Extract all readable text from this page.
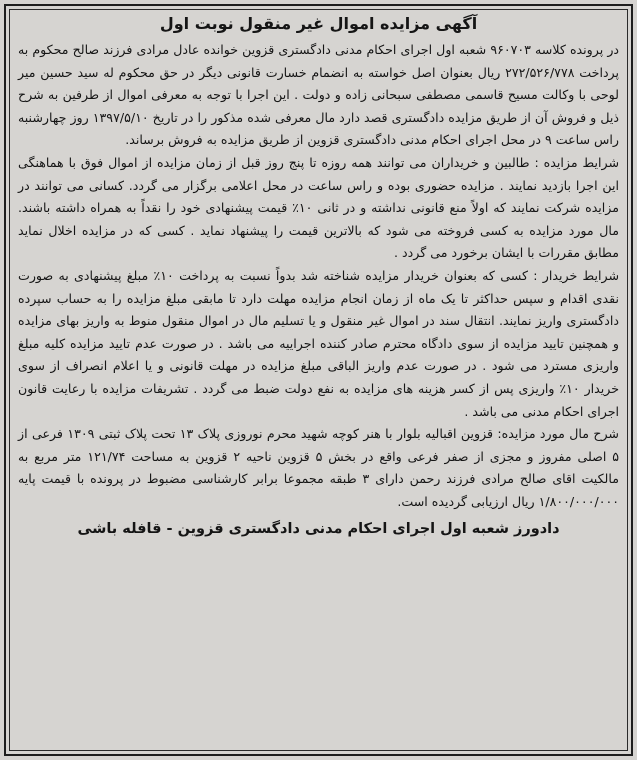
آگهی مزایده اموال غیر منقول نوبت اول

در پرونده کلاسه ۹۶۰۷۰۳ شعبه اول اجرای احکام مدنی دادگستری قزوین خوانده عادل مرادی فرزند صالح محکوم به پرداخت ۲۷۲/۵۲۶/۷۷۸ ریال بعنوان اصل خواسته به انضمام خسارت قانونی دیگر در حق محکوم له سید حسین میر لوحی با وکالت مسیح قاسمی مصطفی سبحانی زاده و دولت . این اجرا با توجه به معرفی اموال از طرفین به شرح ذیل و فروش آن از طریق مزایده دادگستری قصد دارد مال معرفی شده مذکور را در تاریخ ۱۳۹۷/۵/۱۰ روز چهارشنبه راس ساعت ۹ در محل اجرای احکام مدنی دادگستری قزوین از طریق مزایده به فروش برساند.

شرایط مزایده : طالبین و خریداران می توانند همه روزه تا پنج روز قبل از زمان مزایده از اموال فوق با هماهنگی این اجرا بازدید نمایند . مزایده حضوری بوده و راس ساعت در محل اعلامی برگزار می گردد. کسانی می توانند در مزایده شرکت نمایند که اولاً منع قانونی نداشته و در ثانی ۱۰٪ قیمت پیشنهادی خود را نقداً به همراه داشته باشند. مال مورد مزایده به کسی فروخته می شود که بالاترین قیمت را پیشنهاد نماید . کسی که در مزایده اخلال نماید مطابق مقررات با ایشان برخورد می گردد .

شرایط خریدار : کسی که بعنوان خریدار مزایده شناخته شد بدواً نسبت به پرداخت ۱۰٪ مبلغ پیشنهادی به صورت نقدی اقدام و سپس حداکثر تا یک ماه از زمان انجام مزایده مهلت دارد تا مابقی مبلغ مزایده را به حساب سپرده دادگستری واریز نمایند. انتقال سند در اموال غیر منقول و یا تسلیم مال در اموال منقول منوط به واریز بهای مزایده و همچنین تایید مزایده از سوی دادگاه محترم صادر کننده اجراییه می باشد . در صورت عدم تایید مزایده کلیه مبلغ واریزی مسترد می شود . در صورت عدم واریز الباقی مبلغ مزایده در مهلت قانونی و یا اعلام انصراف از سوی خریدار ۱۰٪ واریزی پس از کسر هزینه های مزایده به نفع دولت ضبط می گردد . تشریفات مزایده با رعایت قانون اجرای احکام مدنی می باشد .

شرح مال مورد مزایده: قزوین اقبالیه بلوار با هنر کوچه شهید محرم نوروزی پلاک ۱۳ تحت پلاک ثبتی ۱۳۰۹ فرعی از ۵ اصلی مفروز و مجزی از صفر فرعی واقع در بخش ۵ قزوین ناحیه ۲ قزوین به مساحت ۱۲۱/۷۴ متر مربع به مالکیت اقای صالح مرادی فرزند رحمن دارای ۳ طبقه مجموعا برابر کارشناسی مضبوط در پرونده با قیمت پایه ۱/۸۰۰/۰۰۰/۰۰۰ ریال ارزیابی گردیده است.

دادورز شعبه اول اجرای احکام مدنی دادگستری قزوین - قافله باشی
